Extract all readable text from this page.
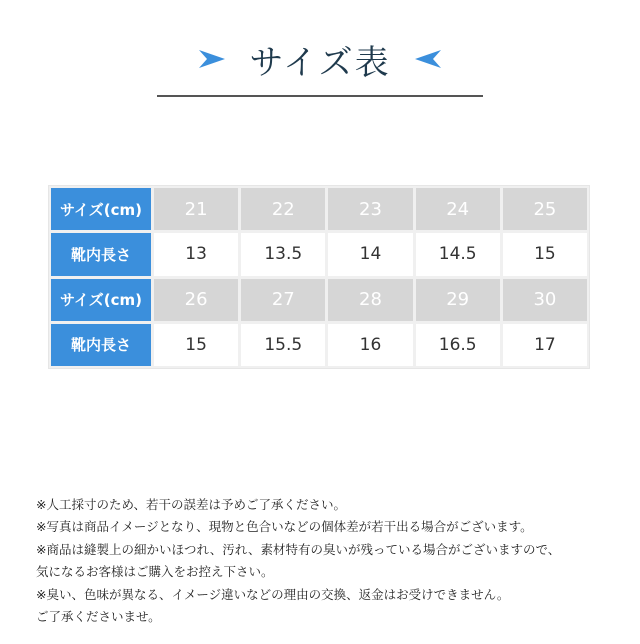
サイズ表
サイズ(cm)	21	22	23	24	25
靴内長さ	13	13.5	14	14.5	15
サイズ(cm)	26	27	28	29	30
靴内長さ	15	15.5	16	16.5	17
※人工採寸のため、若干の誤差は予めご了承ください。
※写真は商品イメージとなり、現物と色合いなどの個体差が若干出る場合がございます。
※商品は縫製上の細かいほつれ、汚れ、素材特有の臭いが残っている場合がございますので、
気になるお客様はご購入をお控え下さい。
※臭い、色味が異なる、イメージ違いなどの理由の交換、返金はお受けできません。
ご了承くださいませ。
